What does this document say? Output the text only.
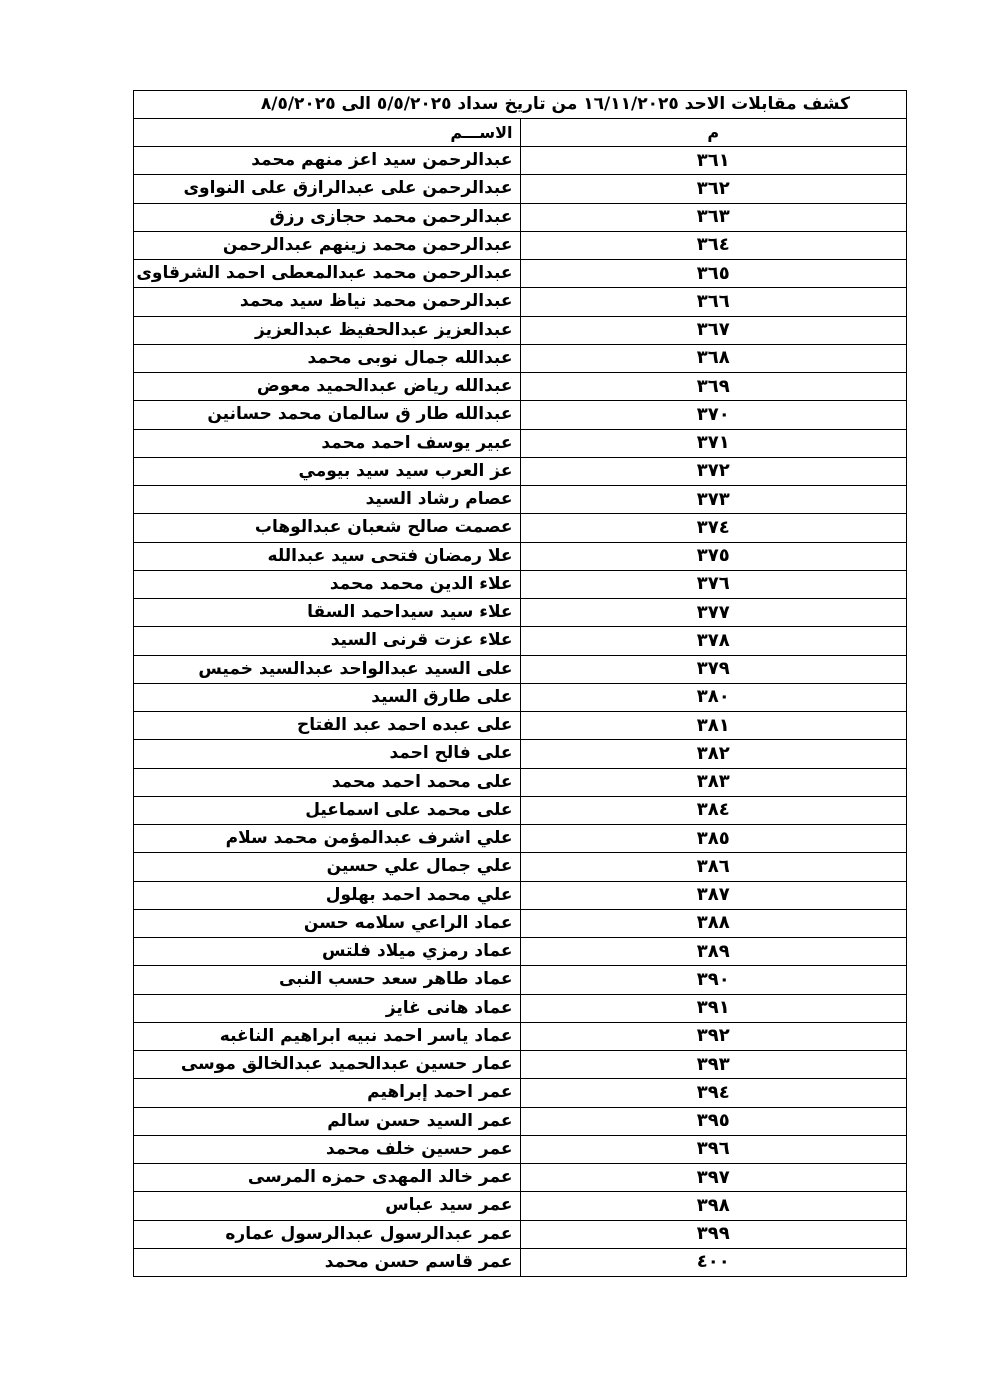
كشف مقابلات الاحد ١٦/١١/٢٠٢٥ من تاريخ سداد ٥/٥/٢٠٢٥ الى ٨/٥/٢٠٢٥	
م	الاســـم
٣٦١	عبدالرحمن سيد اعز منهم محمد
٣٦٢	عبدالرحمن على عبدالرازق على النواوى
٣٦٣	عبدالرحمن محمد حجازى رزق
٣٦٤	عبدالرحمن محمد زينهم عبدالرحمن
٣٦٥	عبدالرحمن محمد عبدالمعطى احمد الشرقاوى
٣٦٦	عبدالرحمن محمد نياظ سيد محمد
٣٦٧	عبدالعزيز عبدالحفيظ عبدالعزيز
٣٦٨	عبدالله جمال نوبى محمد
٣٦٩	عبدالله رياض عبدالحميد معوض
٣٧٠	عبدالله طار ق سالمان محمد حسانين
٣٧١	عبير يوسف احمد محمد
٣٧٢	عز العرب سيد سيد بيومي
٣٧٣	عصام رشاد السيد
٣٧٤	عصمت صالح شعبان عبدالوهاب
٣٧٥	علا رمضان فتحى سيد عبدالله
٣٧٦	علاء الدين محمد محمد
٣٧٧	علاء سيد سيداحمد السقا
٣٧٨	علاء عزت قرنى السيد
٣٧٩	على السيد عبدالواحد عبدالسيد خميس
٣٨٠	على طارق السيد
٣٨١	على عبده احمد عبد الفتاح
٣٨٢	على فالح احمد
٣٨٣	على محمد احمد محمد
٣٨٤	على محمد على اسماعيل
٣٨٥	علي اشرف عبدالمؤمن محمد سلام
٣٨٦	علي جمال علي حسين
٣٨٧	علي محمد احمد بهلول
٣٨٨	عماد الراعي سلامه حسن
٣٨٩	عماد رمزي ميلاد فلتس
٣٩٠	عماد طاهر سعد حسب النبى
٣٩١	عماد هانى غايز
٣٩٢	عماد ياسر احمد نبيه ابراهيم الناغبه
٣٩٣	عمار حسين عبدالحميد عبدالخالق موسى
٣٩٤	عمر احمد إبراهيم
٣٩٥	عمر السيد حسن سالم
٣٩٦	عمر حسين خلف محمد
٣٩٧	عمر خالد المهدى حمزه المرسى
٣٩٨	عمر سيد عباس
٣٩٩	عمر عبدالرسول عبدالرسول عماره
٤٠٠	عمر قاسم حسن محمد
